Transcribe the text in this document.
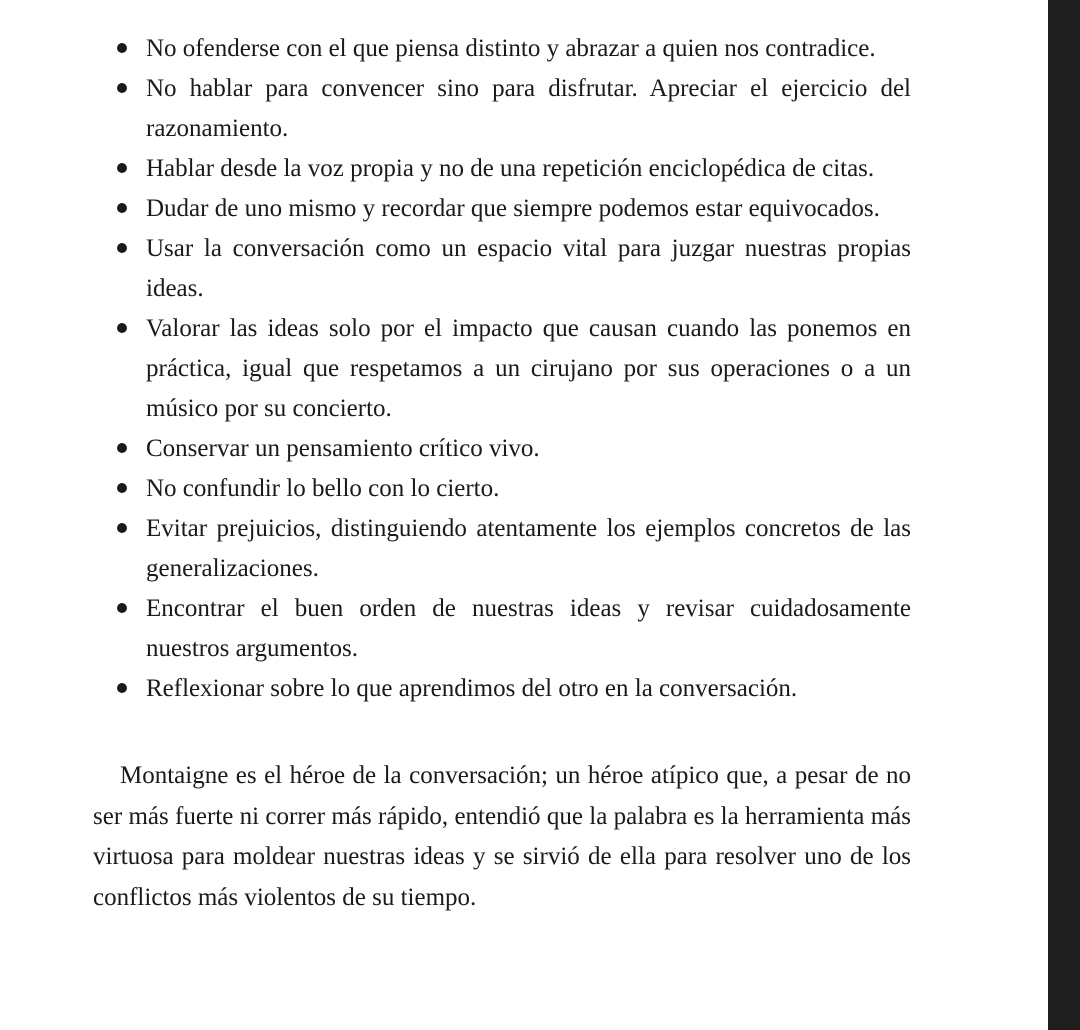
No ofenderse con el que piensa distinto y abrazar a quien nos contradice.
No hablar para convencer sino para disfrutar. Apreciar el ejercicio del razonamiento.
Hablar desde la voz propia y no de una repetición enciclopédica de citas.
Dudar de uno mismo y recordar que siempre podemos estar equivocados.
Usar la conversación como un espacio vital para juzgar nuestras propias ideas.
Valorar las ideas solo por el impacto que causan cuando las ponemos en práctica, igual que respetamos a un cirujano por sus operaciones o a un músico por su concierto.
Conservar un pensamiento crítico vivo.
No confundir lo bello con lo cierto.
Evitar prejuicios, distinguiendo atentamente los ejemplos concretos de las generalizaciones.
Encontrar el buen orden de nuestras ideas y revisar cuidadosamente nuestros argumentos.
Reflexionar sobre lo que aprendimos del otro en la conversación.

Montaigne es el héroe de la conversación; un héroe atípico que, a pesar de no ser más fuerte ni correr más rápido, entendió que la palabra es la herramienta más virtuosa para moldear nuestras ideas y se sirvió de ella para resolver uno de los conflictos más violentos de su tiempo.
